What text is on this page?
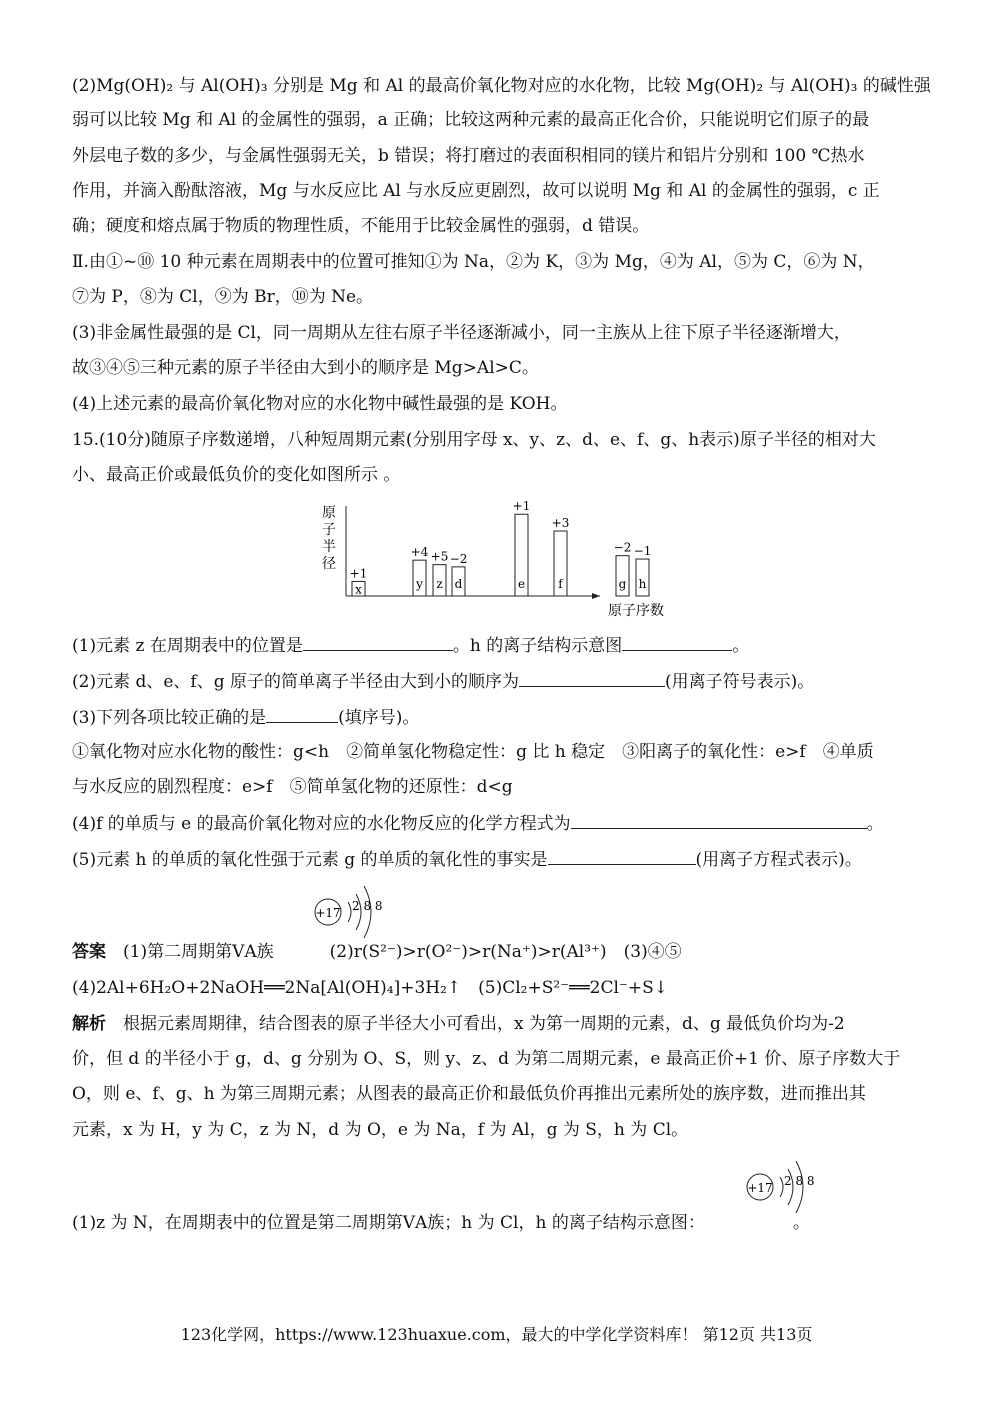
(2)Mg(OH)₂ 与 Al(OH)₃ 分别是 Mg 和 Al 的最高价氧化物对应的水化物，比较 Mg(OH)₂ 与 Al(OH)₃ 的碱性强
弱可以比较 Mg 和 Al 的金属性的强弱，a 正确；比较这两种元素的最高正化合价，只能说明它们原子的最
外层电子数的多少，与金属性强弱无关，b 错误；将打磨过的表面积相同的镁片和铝片分别和 100 ℃热水
作用，并滴入酚酞溶液，Mg 与水反应比 Al 与水反应更剧烈，故可以说明 Mg 和 Al 的金属性的强弱，c 正
确；硬度和熔点属于物质的物理性质，不能用于比较金属性的强弱，d 错误。
Ⅱ.由①~⑩ 10 种元素在周期表中的位置可推知①为 Na，②为 K，③为 Mg，④为 Al，⑤为 C，⑥为 N，
⑦为 P，⑧为 Cl，⑨为 Br，⑩为 Ne。
(3)非金属性最强的是 Cl，同一周期从左往右原子半径逐渐减小，同一主族从上往下原子半径逐渐增大，
故③④⑤三种元素的原子半径由大到小的顺序是 Mg>Al>C。
(4)上述元素的最高价氧化物对应的水化物中碱性最强的是 KOH。
15.(10分)随原子序数递增，八种短周期元素(分别用字母 x、y、z、d、e、f、g、h表示)原子半径的相对大
小、最高正价或最低负价的变化如图所示 。
x
+1
y
+4
z
+5
d
−2
e
+1
f
+3
g
−2
h
−1
原
子
半
径
原子序数
(1)元素 z 在周期表中的位置是	。h 的离子结构示意图	。
(2)元素 d、e、f、g 原子的简单离子半径由大到小的顺序为	(用离子符号表示)。
(3)下列各项比较正确的是	(填序号)。
①氧化物对应水化物的酸性：g<h　②简单氢化物稳定性：g 比 h 稳定　③阳离子的氧化性：e>f　④单质
与水反应的剧烈程度：e>f　⑤简单氢化物的还原性：d<g
(4)f 的单质与 e 的最高价氧化物对应的水化物反应的化学方程式为	。
(5)元素 h 的单质的氧化性强于元素 g 的单质的氧化性的事实是	(用离子方程式表示)。
+17 2 8 8
答案　 (1)第二周期第ⅤA族	(2)r(S²⁻)>r(O²⁻)>r(Na⁺)>r(Al³⁺)　 (3)④⑤
(4)2Al+6H₂O+2NaOH══2Na[Al(OH)₄]+3H₂↑　(5)Cl₂+S²⁻══2Cl⁻+S↓
解析　 根据元素周期律，结合图表的原子半径大小可看出，x 为第一周期的元素，d、g 最低负价均为-2
价，但 d 的半径小于 g，d、g 分别为 O、S，则 y、z、d 为第二周期元素，e 最高正价+1 价、原子序数大于
O，则 e、f、g、h 为第三周期元素；从图表的最高正价和最低负价再推出元素所处的族序数，进而推出其
元素，x 为 H，y 为 C，z 为 N，d 为 O，e 为 Na，f 为 Al，g 为 S，h 为 Cl。
+17 2 8 8
(1)z 为 N，在周期表中的位置是第二周期第ⅤA族；h 为 Cl，h 的离子结构示意图：	。
123化学网，https://www.123huaxue.com，最大的中学化学资料库！ 第12页 共13页
